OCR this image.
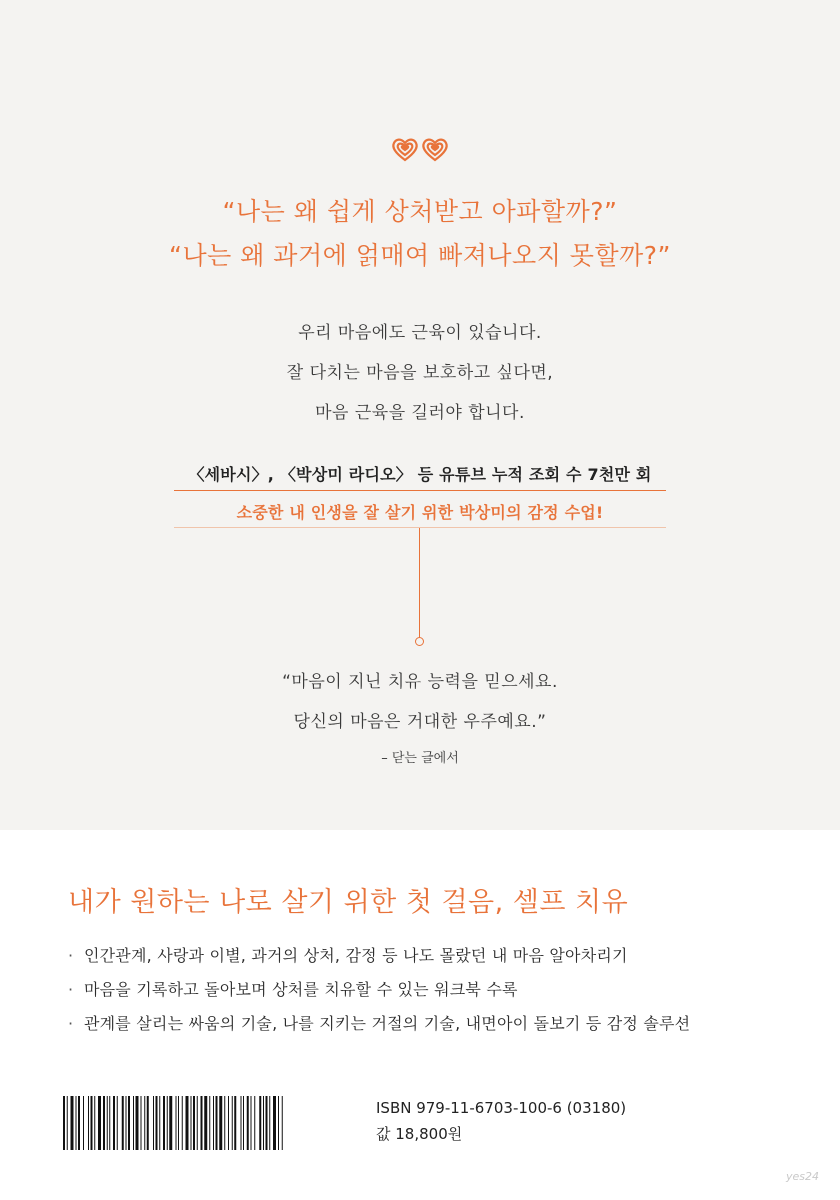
“나는 왜 쉽게 상처받고 아파할까?”
“나는 왜 과거에 얽매여 빠져나오지 못할까?”
우리 마음에도 근육이 있습니다.
잘 다치는 마음을 보호하고 싶다면,
마음 근육을 길러야 합니다.
〈세바시〉, 〈박상미 라디오〉 등 유튜브 누적 조회 수 7천만 회
소중한 내 인생을 잘 살기 위한 박상미의 감정 수업!
“마음이 지닌 치유 능력을 믿으세요.
당신의 마음은 거대한 우주예요.”
– 닫는 글에서
내가 원하는 나로 살기 위한 첫 걸음, 셀프 치유
· 인간관계, 사랑과 이별, 과거의 상처, 감정 등 나도 몰랐던 내 마음 알아차리기
· 마음을 기록하고 돌아보며 상처를 치유할 수 있는 워크북 수록
· 관계를 살리는 싸움의 기술, 나를 지키는 거절의 기술, 내면아이 돌보기 등 감정 솔루션
ISBN 979-11-6703-100-6 (03180)
값 18,800원
yes24
